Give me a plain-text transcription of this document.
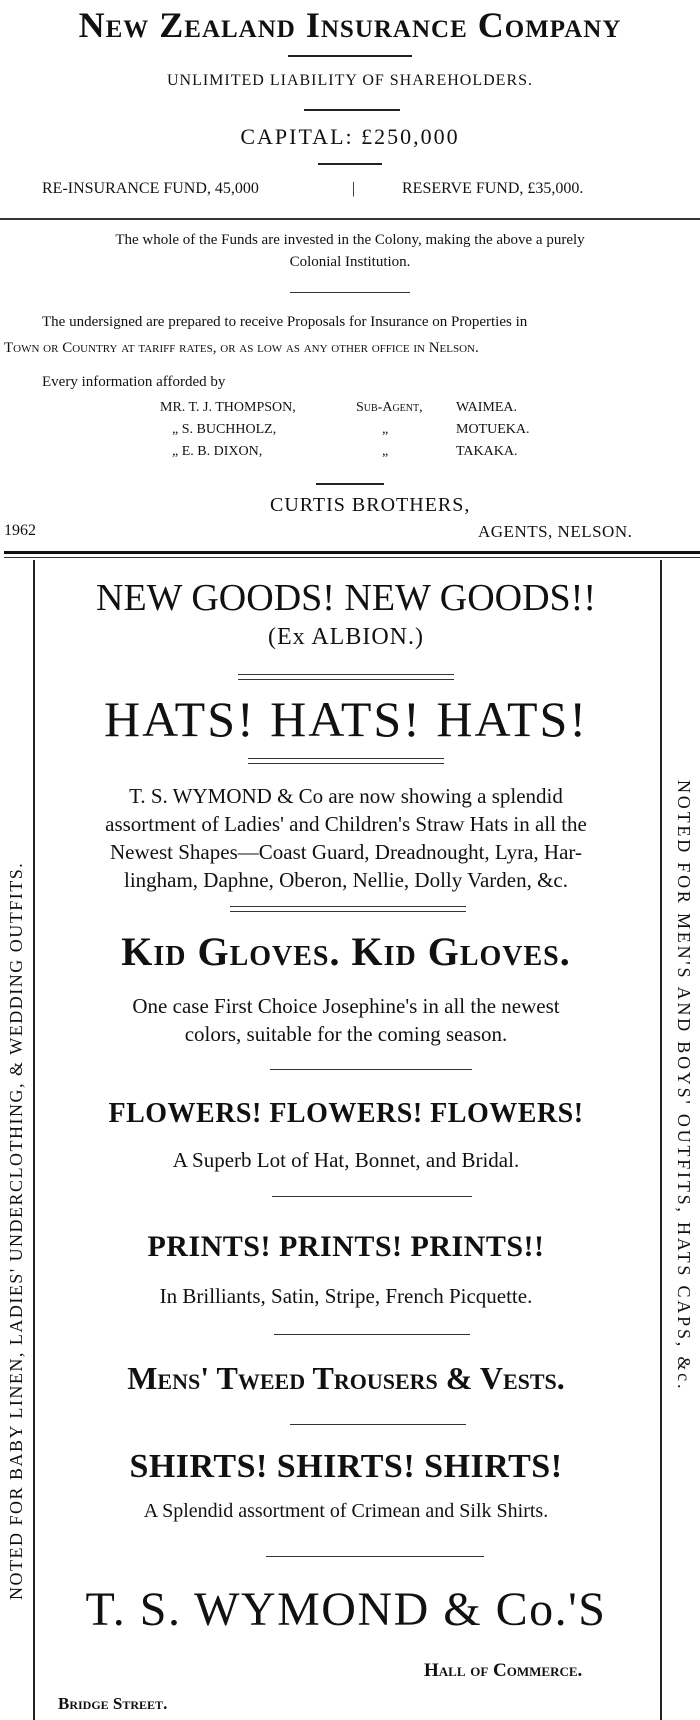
New Zealand Insurance Company
UNLIMITED LIABILITY OF SHAREHOLDERS.
CAPITAL: £250,000
RE-INSURANCE FUND, 45,000	|	RESERVE FUND, £35,000.
The whole of the Funds are invested in the Colony, making the above a purely
Colonial Institution.
The undersigned are prepared to receive Proposals for Insurance on Properties in
Town or Country at tariff rates, or as low as any other office in Nelson.
Every information afforded by
MR. T. J. THOMPSON,	Sub-Agent, WAIMEA.
„ S. BUCHHOLZ,	„	MOTUEKA.
„ E. B. DIXON,	„	TAKAKA.
CURTIS BROTHERS,
1962	AGENTS, NELSON.
NOTED FOR BABY LINEN, LADIES' UNDERCLOTHING, & WEDDING OUTFITS.	NOTED FOR MEN'S AND BOYS' OUTFITS, HATS CAPS, &c.
NEW GOODS! NEW GOODS!!
(Ex ALBION.)
HATS! HATS! HATS!
T. S. WYMOND & Co are now showing a splendid
assortment of Ladies' and Children's Straw Hats in all the
Newest Shapes—Coast Guard, Dreadnought, Lyra, Har-
lingham, Daphne, Oberon, Nellie, Dolly Varden, &c.
Kid Gloves. Kid Gloves.
One case First Choice Josephine's in all the newest
colors, suitable for the coming season.
FLOWERS! FLOWERS! FLOWERS!
A Superb Lot of Hat, Bonnet, and Bridal.
PRINTS! PRINTS! PRINTS!!
In Brilliants, Satin, Stripe, French Picquette.
Mens' Tweed Trousers & Vests.
SHIRTS! SHIRTS! SHIRTS!
A Splendid assortment of Crimean and Silk Shirts.
T. S. WYMOND & Co.'S
Hall of Commerce.
Bridge Street.
